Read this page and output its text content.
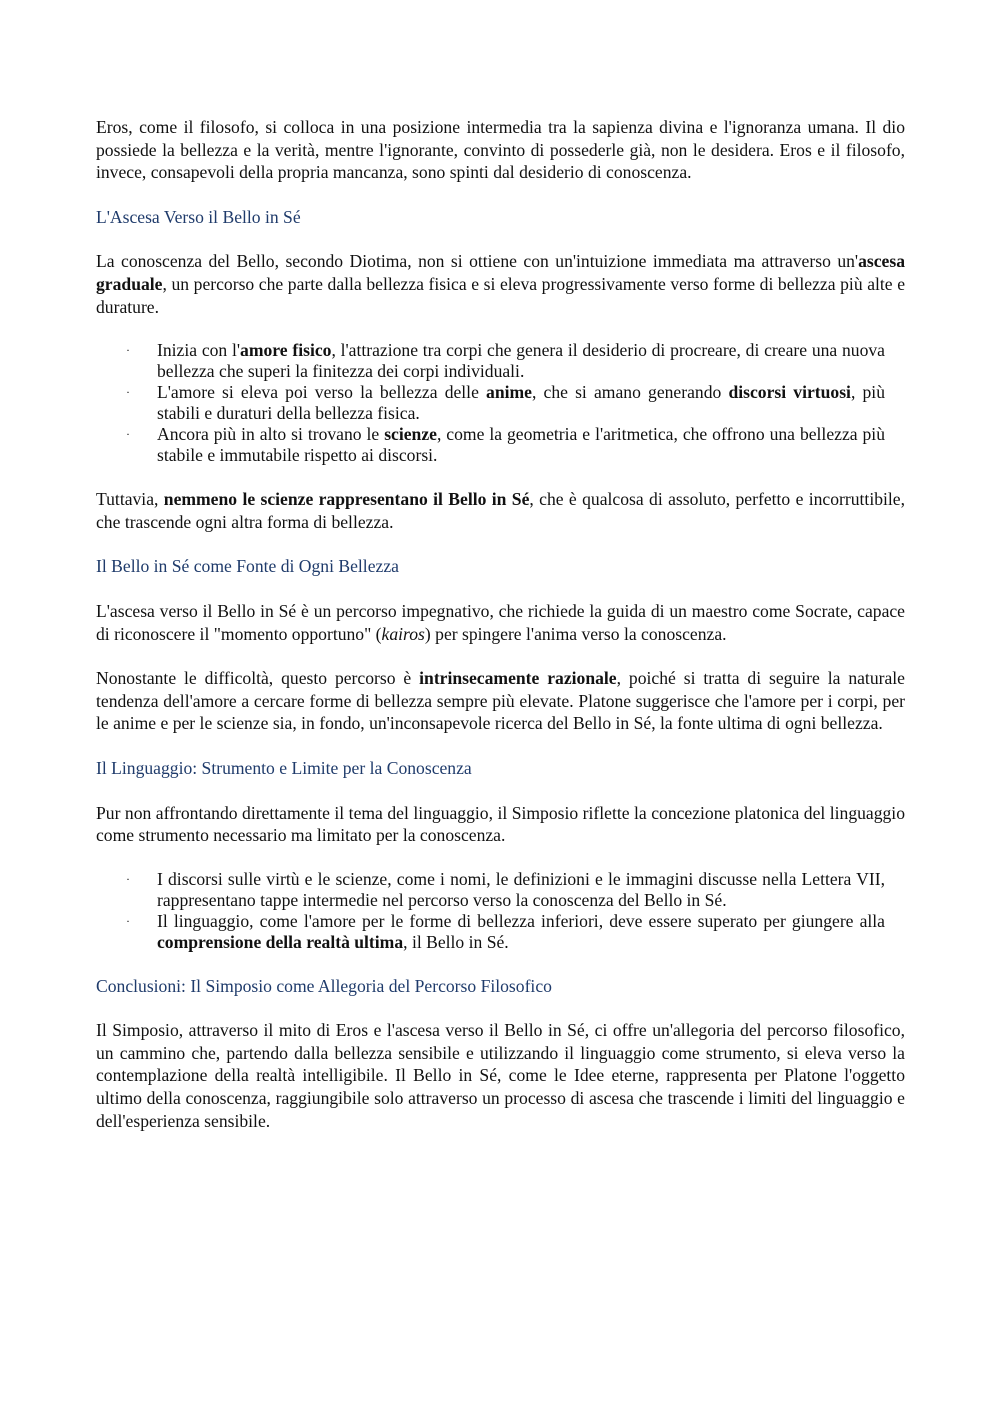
Eros, come il filosofo, si colloca in una posizione intermedia tra la sapienza divina e l'ignoranza umana. Il dio possiede la bellezza e la verità, mentre l'ignorante, convinto di possederle già, non le desidera. Eros e il filosofo, invece, consapevoli della propria mancanza, sono spinti dal desiderio di conoscenza.

L'Ascesa Verso il Bello in Sé

La conoscenza del Bello, secondo Diotima, non si ottiene con un'intuizione immediata ma attraverso un'ascesa graduale, un percorso che parte dalla bellezza fisica e si eleva progressivamente verso forme di bellezza più alte e durature.

· Inizia con l'amore fisico, l'attrazione tra corpi che genera il desiderio di procreare, di creare una nuova bellezza che superi la finitezza dei corpi individuali.
· L'amore si eleva poi verso la bellezza delle anime, che si amano generando discorsi virtuosi, più stabili e duraturi della bellezza fisica.
· Ancora più in alto si trovano le scienze, come la geometria e l'aritmetica, che offrono una bellezza più stabile e immutabile rispetto ai discorsi.

Tuttavia, nemmeno le scienze rappresentano il Bello in Sé, che è qualcosa di assoluto, perfetto e incorruttibile, che trascende ogni altra forma di bellezza.

Il Bello in Sé come Fonte di Ogni Bellezza

L'ascesa verso il Bello in Sé è un percorso impegnativo, che richiede la guida di un maestro come Socrate, capace di riconoscere il "momento opportuno" (kairos) per spingere l'anima verso la conoscenza.

Nonostante le difficoltà, questo percorso è intrinsecamente razionale, poiché si tratta di seguire la naturale tendenza dell'amore a cercare forme di bellezza sempre più elevate. Platone suggerisce che l'amore per i corpi, per le anime e per le scienze sia, in fondo, un'inconsapevole ricerca del Bello in Sé, la fonte ultima di ogni bellezza.

Il Linguaggio: Strumento e Limite per la Conoscenza

Pur non affrontando direttamente il tema del linguaggio, il Simposio riflette la concezione platonica del linguaggio come strumento necessario ma limitato per la conoscenza.

· I discorsi sulle virtù e le scienze, come i nomi, le definizioni e le immagini discusse nella Lettera VII, rappresentano tappe intermedie nel percorso verso la conoscenza del Bello in Sé.
· Il linguaggio, come l'amore per le forme di bellezza inferiori, deve essere superato per giungere alla comprensione della realtà ultima, il Bello in Sé.
Conclusioni: Il Simposio come Allegoria del Percorso Filosofico

Il Simposio, attraverso il mito di Eros e l'ascesa verso il Bello in Sé, ci offre un'allegoria del percorso filosofico, un cammino che, partendo dalla bellezza sensibile e utilizzando il linguaggio come strumento, si eleva verso la contemplazione della realtà intelligibile. Il Bello in Sé, come le Idee eterne, rappresenta per Platone l'oggetto ultimo della conoscenza, raggiungibile solo attraverso un processo di ascesa che trascende i limiti del linguaggio e dell'esperienza sensibile.
